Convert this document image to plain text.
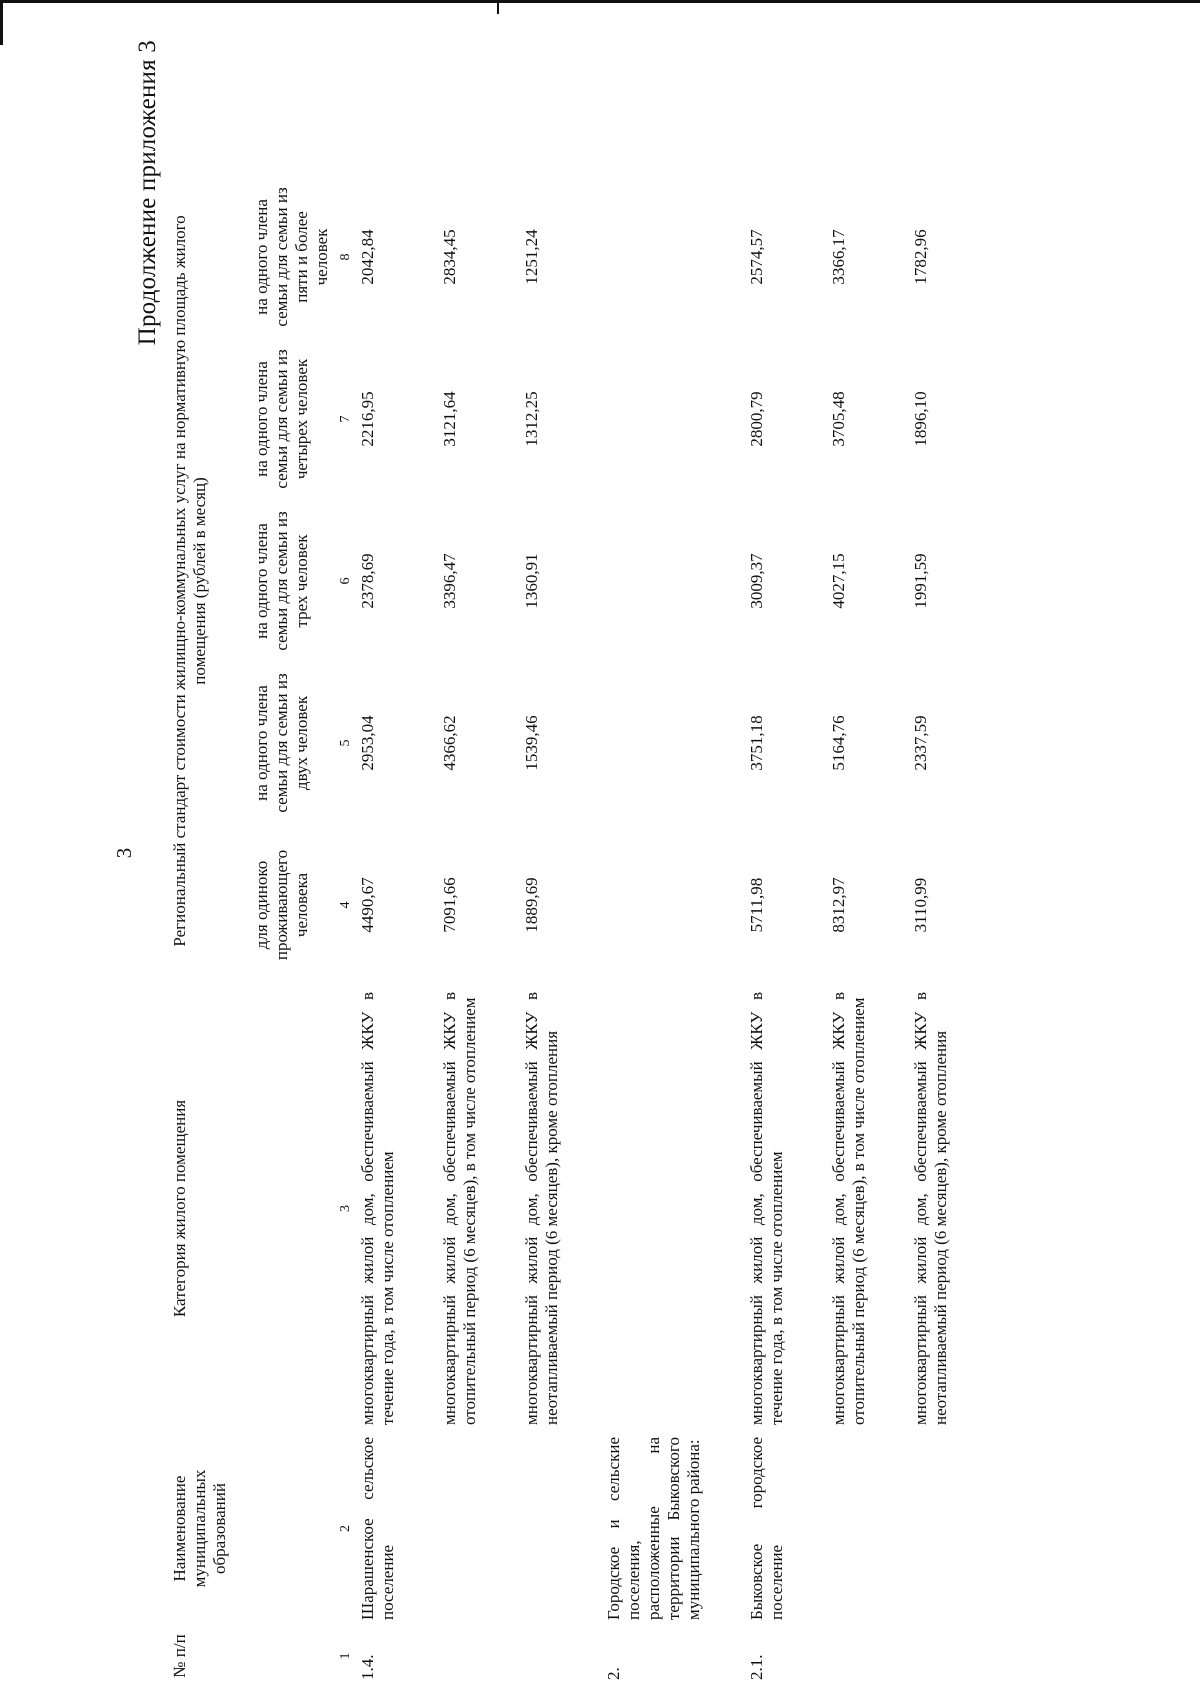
3
Продолжение приложения 3
№ п/п	Наименование муниципальных образований	Категория жилого помещения	Региональный стандарт стоимости жилищно-коммунальных услуг на нормативную площадь жилого помещения (рублей в месяц)				
			для одиноко проживающего человека	на одного члена семьи для семьи из двух человек	на одного члена семьи для семьи из трех человек	на одного члена семьи для семьи из четырех человек	на одного члена семьи для семьи из пяти и более человек
1	2	3	4	5	6	7	8
1.4.	Шарашенское сельское поселение	многоквартирный жилой дом, обеспечиваемый ЖКУ в течение года, в том числе отоплением	4490,67	2953,04	2378,69	2216,95	2042,84
		многоквартирный жилой дом, обеспечиваемый ЖКУ в отопительный период (6 месяцев), в том числе отоплением	7091,66	4366,62	3396,47	3121,64	2834,45
		многоквартирный жилой дом, обеспечиваемый ЖКУ в неотапливаемый период (6 месяцев), кроме отопления	1889,69	1539,46	1360,91	1312,25	1251,24
2.	Городское и сельские поселения, расположенные на территории Быковского муниципального района:						
2.1.	Быковское городское поселение	многоквартирный жилой дом, обеспечиваемый ЖКУ в течение года, в том числе отоплением	5711,98	3751,18	3009,37	2800,79	2574,57
		многоквартирный жилой дом, обеспечиваемый ЖКУ в отопительный период (6 месяцев), в том числе отоплением	8312,97	5164,76	4027,15	3705,48	3366,17
		многоквартирный жилой дом, обеспечиваемый ЖКУ в неотапливаемый период (6 месяцев), кроме отопления	3110,99	2337,59	1991,59	1896,10	1782,96
